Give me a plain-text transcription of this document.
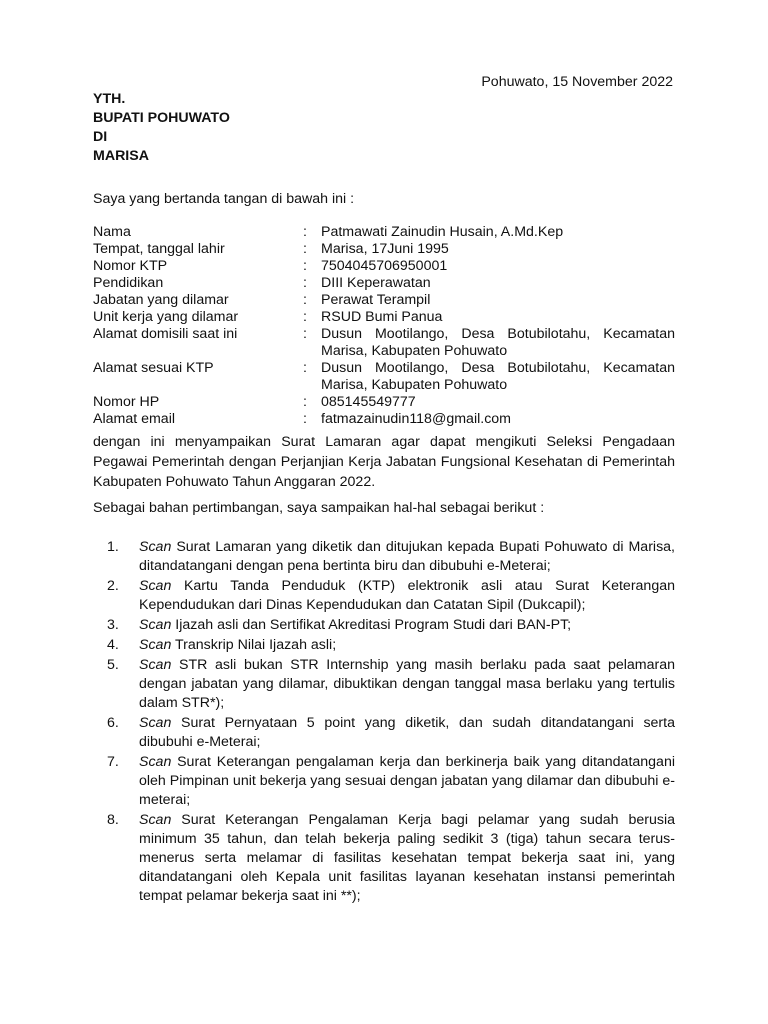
Pohuwato, 15 November 2022
YTH.
BUPATI POHUWATO
DI
MARISA
Saya yang bertanda tangan di bawah ini :
Nama	: Patmawati Zainudin Husain, A.Md.Kep
Tempat, tanggal lahir	: Marisa, 17Juni 1995
Nomor KTP	: 7504045706950001
Pendidikan	: DIII Keperawatan
Jabatan yang dilamar	: Perawat Terampil
Unit kerja yang dilamar	: RSUD Bumi Panua
Alamat domisili saat ini	: Dusun Mootilango, Desa Botubilotahu, Kecamatan Marisa, Kabupaten Pohuwato
Alamat sesuai KTP	: Dusun Mootilango, Desa Botubilotahu, Kecamatan Marisa, Kabupaten Pohuwato
Nomor HP	: 085145549777
Alamat email	: fatmazainudin118@gmail.com
dengan ini menyampaikan Surat Lamaran agar dapat mengikuti Seleksi Pengadaan Pegawai Pemerintah dengan Perjanjian Kerja Jabatan Fungsional Kesehatan di Pemerintah Kabupaten Pohuwato Tahun Anggaran 2022.
Sebagai bahan pertimbangan, saya sampaikan hal-hal sebagai berikut :
1.	Scan Surat Lamaran yang diketik dan ditujukan kepada Bupati Pohuwato di Marisa, ditandatangani dengan pena bertinta biru dan dibubuhi e-Meterai;
2.	Scan Kartu Tanda Penduduk (KTP) elektronik asli atau Surat Keterangan Kependudukan dari Dinas Kependudukan dan Catatan Sipil (Dukcapil);
3.	Scan Ijazah asli dan Sertifikat Akreditasi Program Studi dari BAN-PT;
4.	Scan Transkrip Nilai Ijazah asli;
5.	Scan STR asli bukan STR Internship yang masih berlaku pada saat pelamaran dengan jabatan yang dilamar, dibuktikan dengan tanggal masa berlaku yang tertulis dalam STR*);
6.	Scan Surat Pernyataan 5 point yang diketik, dan sudah ditandatangani serta dibubuhi e-Meterai;
7.	Scan Surat Keterangan pengalaman kerja dan berkinerja baik yang ditandatangani oleh Pimpinan unit bekerja yang sesuai dengan jabatan yang dilamar dan dibubuhi e-meterai;
8.	Scan Surat Keterangan Pengalaman Kerja bagi pelamar yang sudah berusia minimum 35 tahun, dan telah bekerja paling sedikit 3 (tiga) tahun secara terus-menerus serta melamar di fasilitas kesehatan tempat bekerja saat ini, yang ditandatangani oleh Kepala unit fasilitas layanan kesehatan instansi pemerintah tempat pelamar bekerja saat ini **);
